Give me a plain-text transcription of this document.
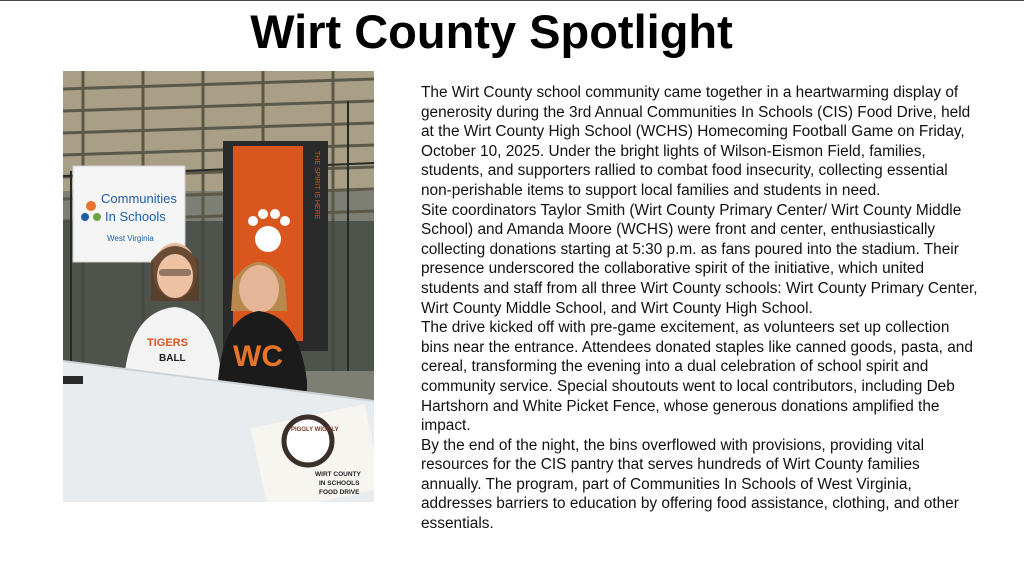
Wirt County Spotlight
Communities
In Schools
West Virginia
THE SPIRIT IS HERE
TIGERS
BALL WC
PIGGLY WIGGLY
WIRT COUNTY
IN SCHOOLS
FOOD DRIVE

The Wirt County school community came together in a heartwarming display of generosity during the 3rd Annual Communities In Schools (CIS) Food Drive, held at the Wirt County High School (WCHS) Homecoming Football Game on Friday, October 10, 2025. Under the bright lights of Wilson-Eismon Field, families, students, and supporters rallied to combat food insecurity, collecting essential non-perishable items to support local families and students in need.

Site coordinators Taylor Smith (Wirt County Primary Center/ Wirt County Middle School) and Amanda Moore (WCHS) were front and center, enthusiastically collecting donations starting at 5:30 p.m. as fans poured into the stadium. Their presence underscored the collaborative spirit of the initiative, which united students and staff from all three Wirt County schools: Wirt County Primary Center, Wirt County Middle School, and Wirt County High School.

The drive kicked off with pre-game excitement, as volunteers set up collection bins near the entrance. Attendees donated staples like canned goods, pasta, and cereal, transforming the evening into a dual celebration of school spirit and community service. Special shoutouts went to local contributors, including Deb Hartshorn and White Picket Fence, whose generous donations amplified the impact.

By the end of the night, the bins overflowed with provisions, providing vital resources for the CIS pantry that serves hundreds of Wirt County families annually. The program, part of Communities In Schools of West Virginia, addresses barriers to education by offering food assistance, clothing, and other essentials.
